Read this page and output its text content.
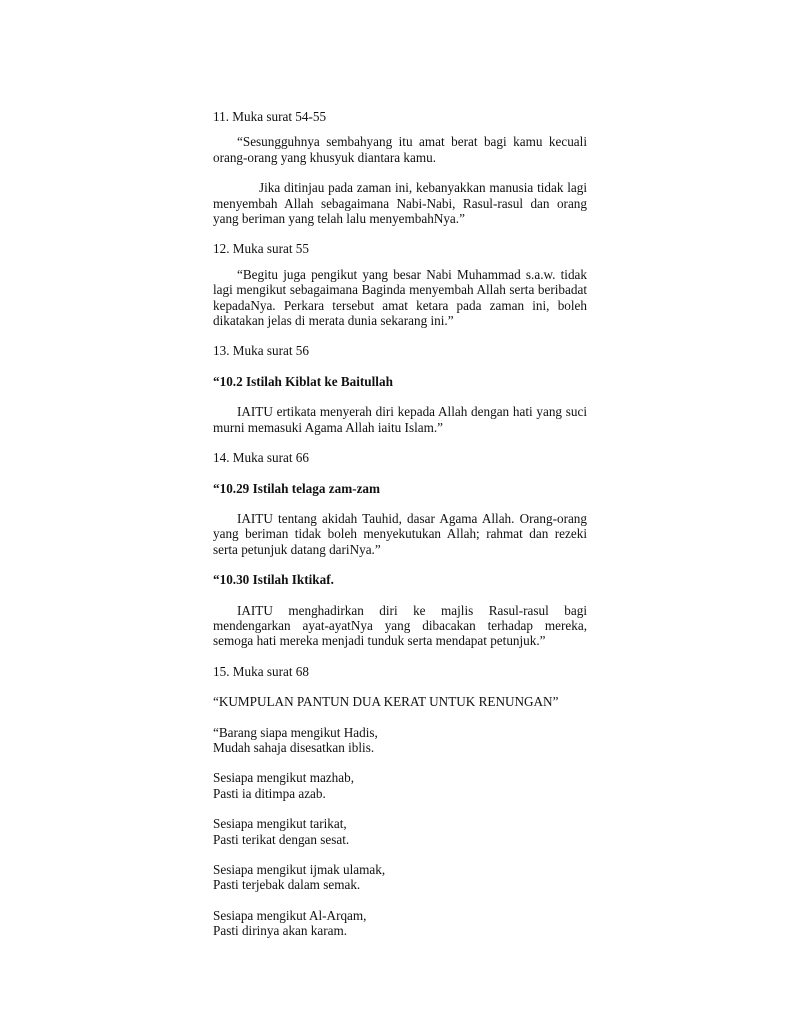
11. Muka surat 54-55

“Sesungguhnya sembahyang itu amat berat bagi kamu kecuali orang-orang yang khusyuk diantara kamu.

Jika ditinjau pada zaman ini, kebanyakkan manusia tidak lagi menyembah Allah sebagaimana Nabi-Nabi, Rasul-rasul dan orang yang beriman yang telah lalu menyembahNya.”

12. Muka surat 55

“Begitu juga pengikut yang besar Nabi Muhammad s.a.w. tidak lagi mengikut sebagaimana Baginda menyembah Allah serta beribadat kepadaNya. Perkara tersebut amat ketara pada zaman ini, boleh dikatakan jelas di merata dunia sekarang ini.”

13. Muka surat 56

“10.2 Istilah Kiblat ke Baitullah

IAITU ertikata menyerah diri kepada Allah dengan hati yang suci murni memasuki Agama Allah iaitu Islam.”

14. Muka surat 66

“10.29 Istilah telaga zam-zam

IAITU tentang akidah Tauhid, dasar Agama Allah. Orang-orang yang beriman tidak boleh menyekutukan Allah; rahmat dan rezeki serta petunjuk datang dariNya.”

“10.30 Istilah Iktikaf.

IAITU menghadirkan diri ke majlis Rasul-rasul bagi mendengarkan ayat-ayatNya yang dibacakan terhadap mereka, semoga hati mereka menjadi tunduk serta mendapat petunjuk.”

15. Muka surat 68

“KUMPULAN PANTUN DUA KERAT UNTUK RENUNGAN”

“Barang siapa mengikut Hadis,
Mudah sahaja disesatkan iblis.
Sesiapa mengikut mazhab,
Pasti ia ditimpa azab.
Sesiapa mengikut tarikat,
Pasti terikat dengan sesat.
Sesiapa mengikut ijmak ulamak,
Pasti terjebak dalam semak.
Sesiapa mengikut Al-Arqam,
Pasti dirinya akan karam.
